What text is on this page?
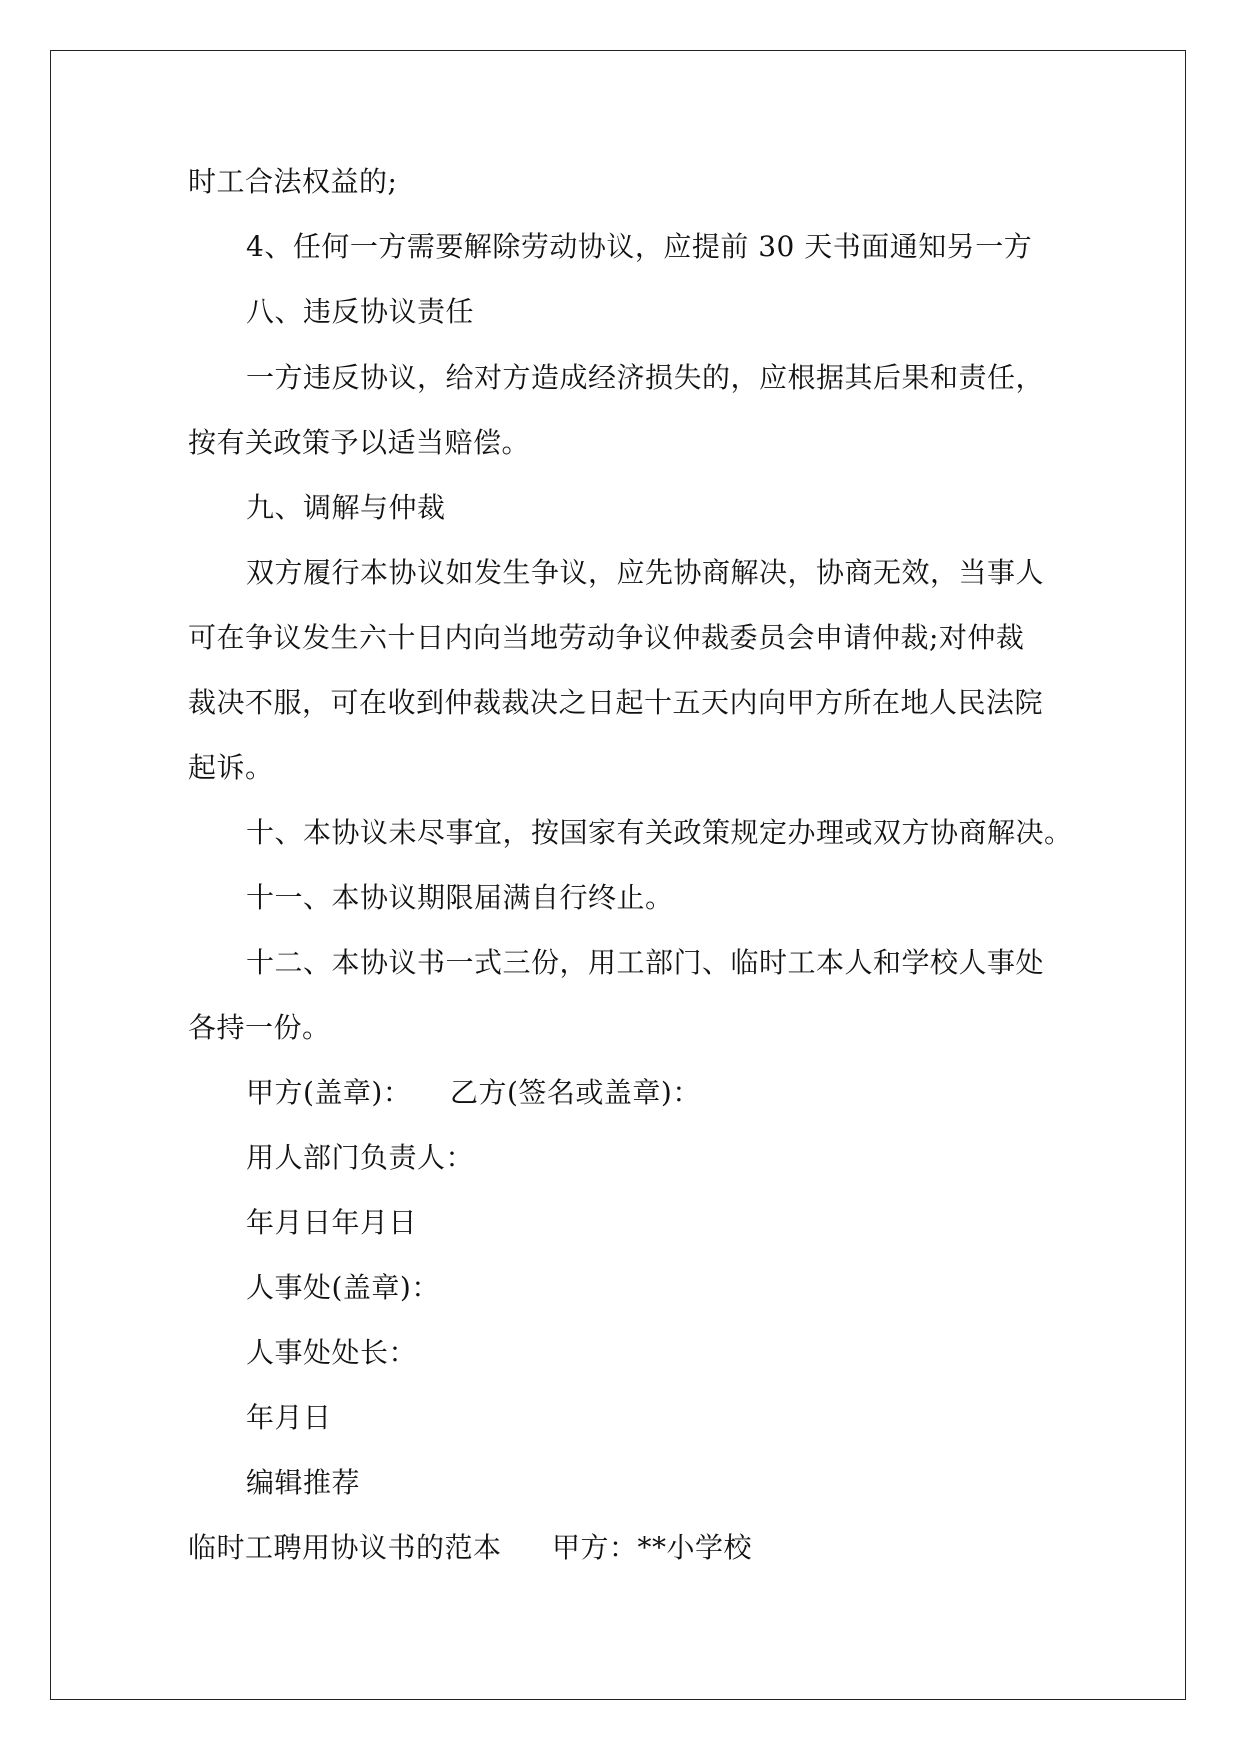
时工合法权益的;
4、任何一方需要解除劳动协议，应提前 30 天书面通知另一方
八、违反协议责任
一方违反协议，给对方造成经济损失的，应根据其后果和责任，
按有关政策予以适当赔偿。
九、调解与仲裁
双方履行本协议如发生争议，应先协商解决，协商无效，当事人
可在争议发生六十日内向当地劳动争议仲裁委员会申请仲裁;对仲裁
裁决不服，可在收到仲裁裁决之日起十五天内向甲方所在地人民法院
起诉。
十、本协议未尽事宜，按国家有关政策规定办理或双方协商解决。
十一、本协议期限届满自行终止。
十二、本协议书一式三份，用工部门、临时工本人和学校人事处
各持一份。
甲方(盖章)： 乙方(签名或盖章)：
用人部门负责人：
年月日年月日
人事处(盖章)：
人事处处长：
年月日
编辑推荐
临时工聘用协议书的范本 甲方：**小学校
